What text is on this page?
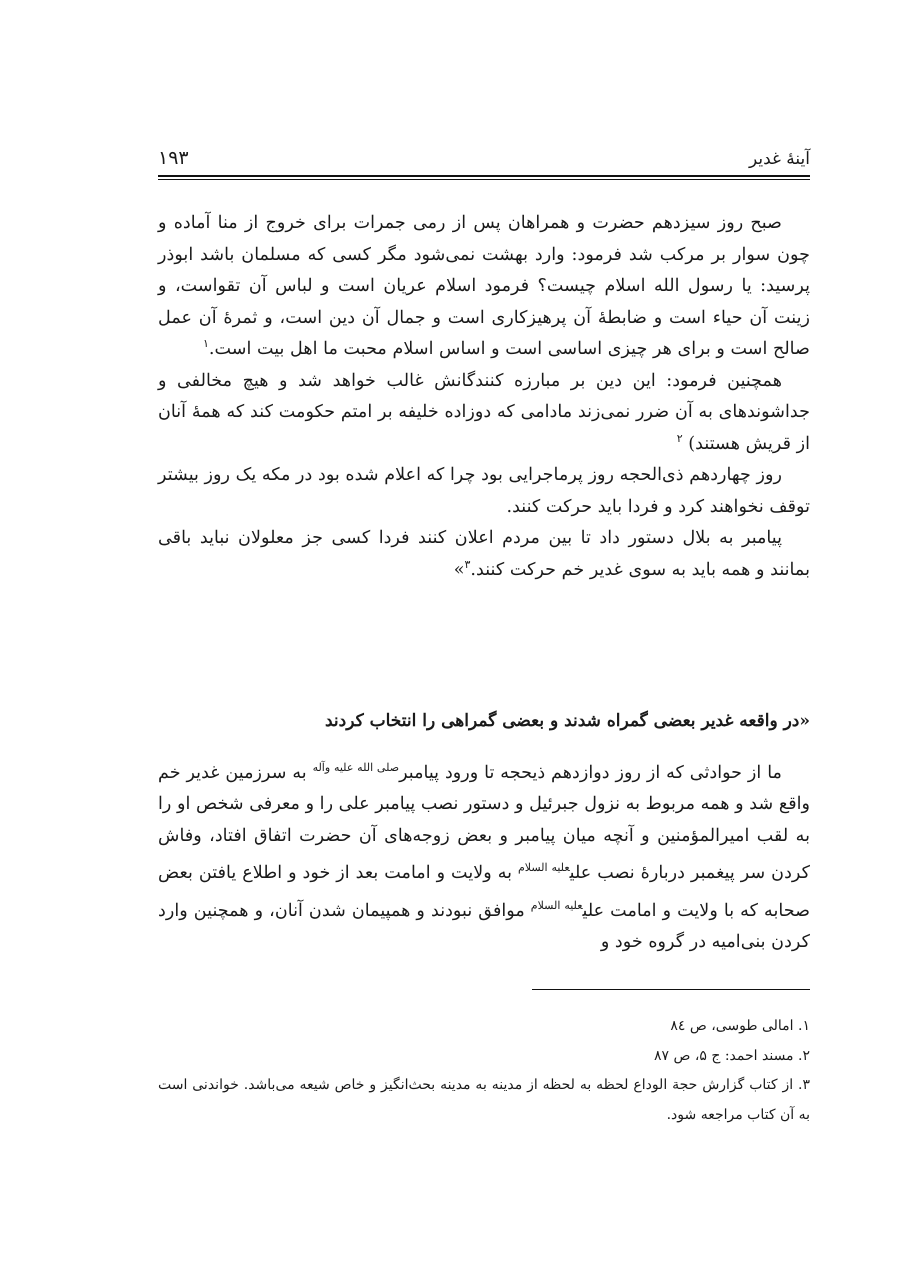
آینۀ غدیر
۱۹۳

صبح روز سیزدهم حضرت و همراهان پس از رمی جمرات برای خروج از منا آماده و چون سوار بر مرکب شد فرمود: وارد بهشت نمی‌شود مگر کسی که مسلمان باشد ابوذر پرسید: یا رسول الله اسلام چیست؟ فرمود اسلام عریان است و لباس آن تقواست، و زینت آن حیاء است و ضابطۀ آن پرهیزکاری است و جمال آن دین است، و ثمرۀ آن عمل صالح است و برای هر چیزی اساسی است و اساس اسلام محبت ما اهل بیت است.$^۱$

همچنین فرمود: این دین بر مبارزه کنندگانش غالب خواهد شد و هیچ مخالفی و جداشوندهای به آن ضرر نمی‌زند مادامی که دوزاده خلیفه بر امتم حکومت کند که همۀ آنان از قریش هستند) $^۲$

روز چهاردهم ذی‌الحجه روز پرماجرایی بود چرا که اعلام شده بود در مکه یک روز بیشتر توقف نخواهند کرد و فردا باید حرکت کنند.

پیامبر به بلال دستور داد تا بین مردم اعلان کنند فردا کسی جز معلولان نباید باقی بمانند و همه باید به سوی غدیر خم حرکت کنند.$^۳$»

«در واقعه غدیر بعضی گمراه شدند و بعضی گمراهی را انتخاب کردند

ما از حوادثی که از روز دوازدهم ذیحجه تا ورود پیامبر$^{صلى الله عليه وآله}$ به سرزمین غدیر خم واقع شد و همه مربوط به نزول جبرئیل و دستور نصب پیامبر علی را و معرفی شخص او را به لقب امیرالمؤمنین و آنچه میان پیامبر و بعض زوجه‌های آن حضرت اتفاق افتاد، وفاش کردن سر پیغمبر دربارۀ نصب علی$^{علیه السلام}$ به ولایت و امامت بعد از خود و اطلاع یافتن بعض صحابه که با ولایت و امامت علی$^{علیه السلام}$ موافق نبودند و همپیمان شدن آنان، و همچنین وارد کردن بنی‌امیه در گروه خود و

۱. امالی طوسی، ص ۸٤

۲. مسند احمد: ج ۵، ص ۸۷

۳. از کتاب گزارش حجة الوداع لحظه به لحظه از مدینه به مدینه بحث‌انگیز و خاص شیعه می‌باشد. خواندنی است به آن کتاب مراجعه شود.
